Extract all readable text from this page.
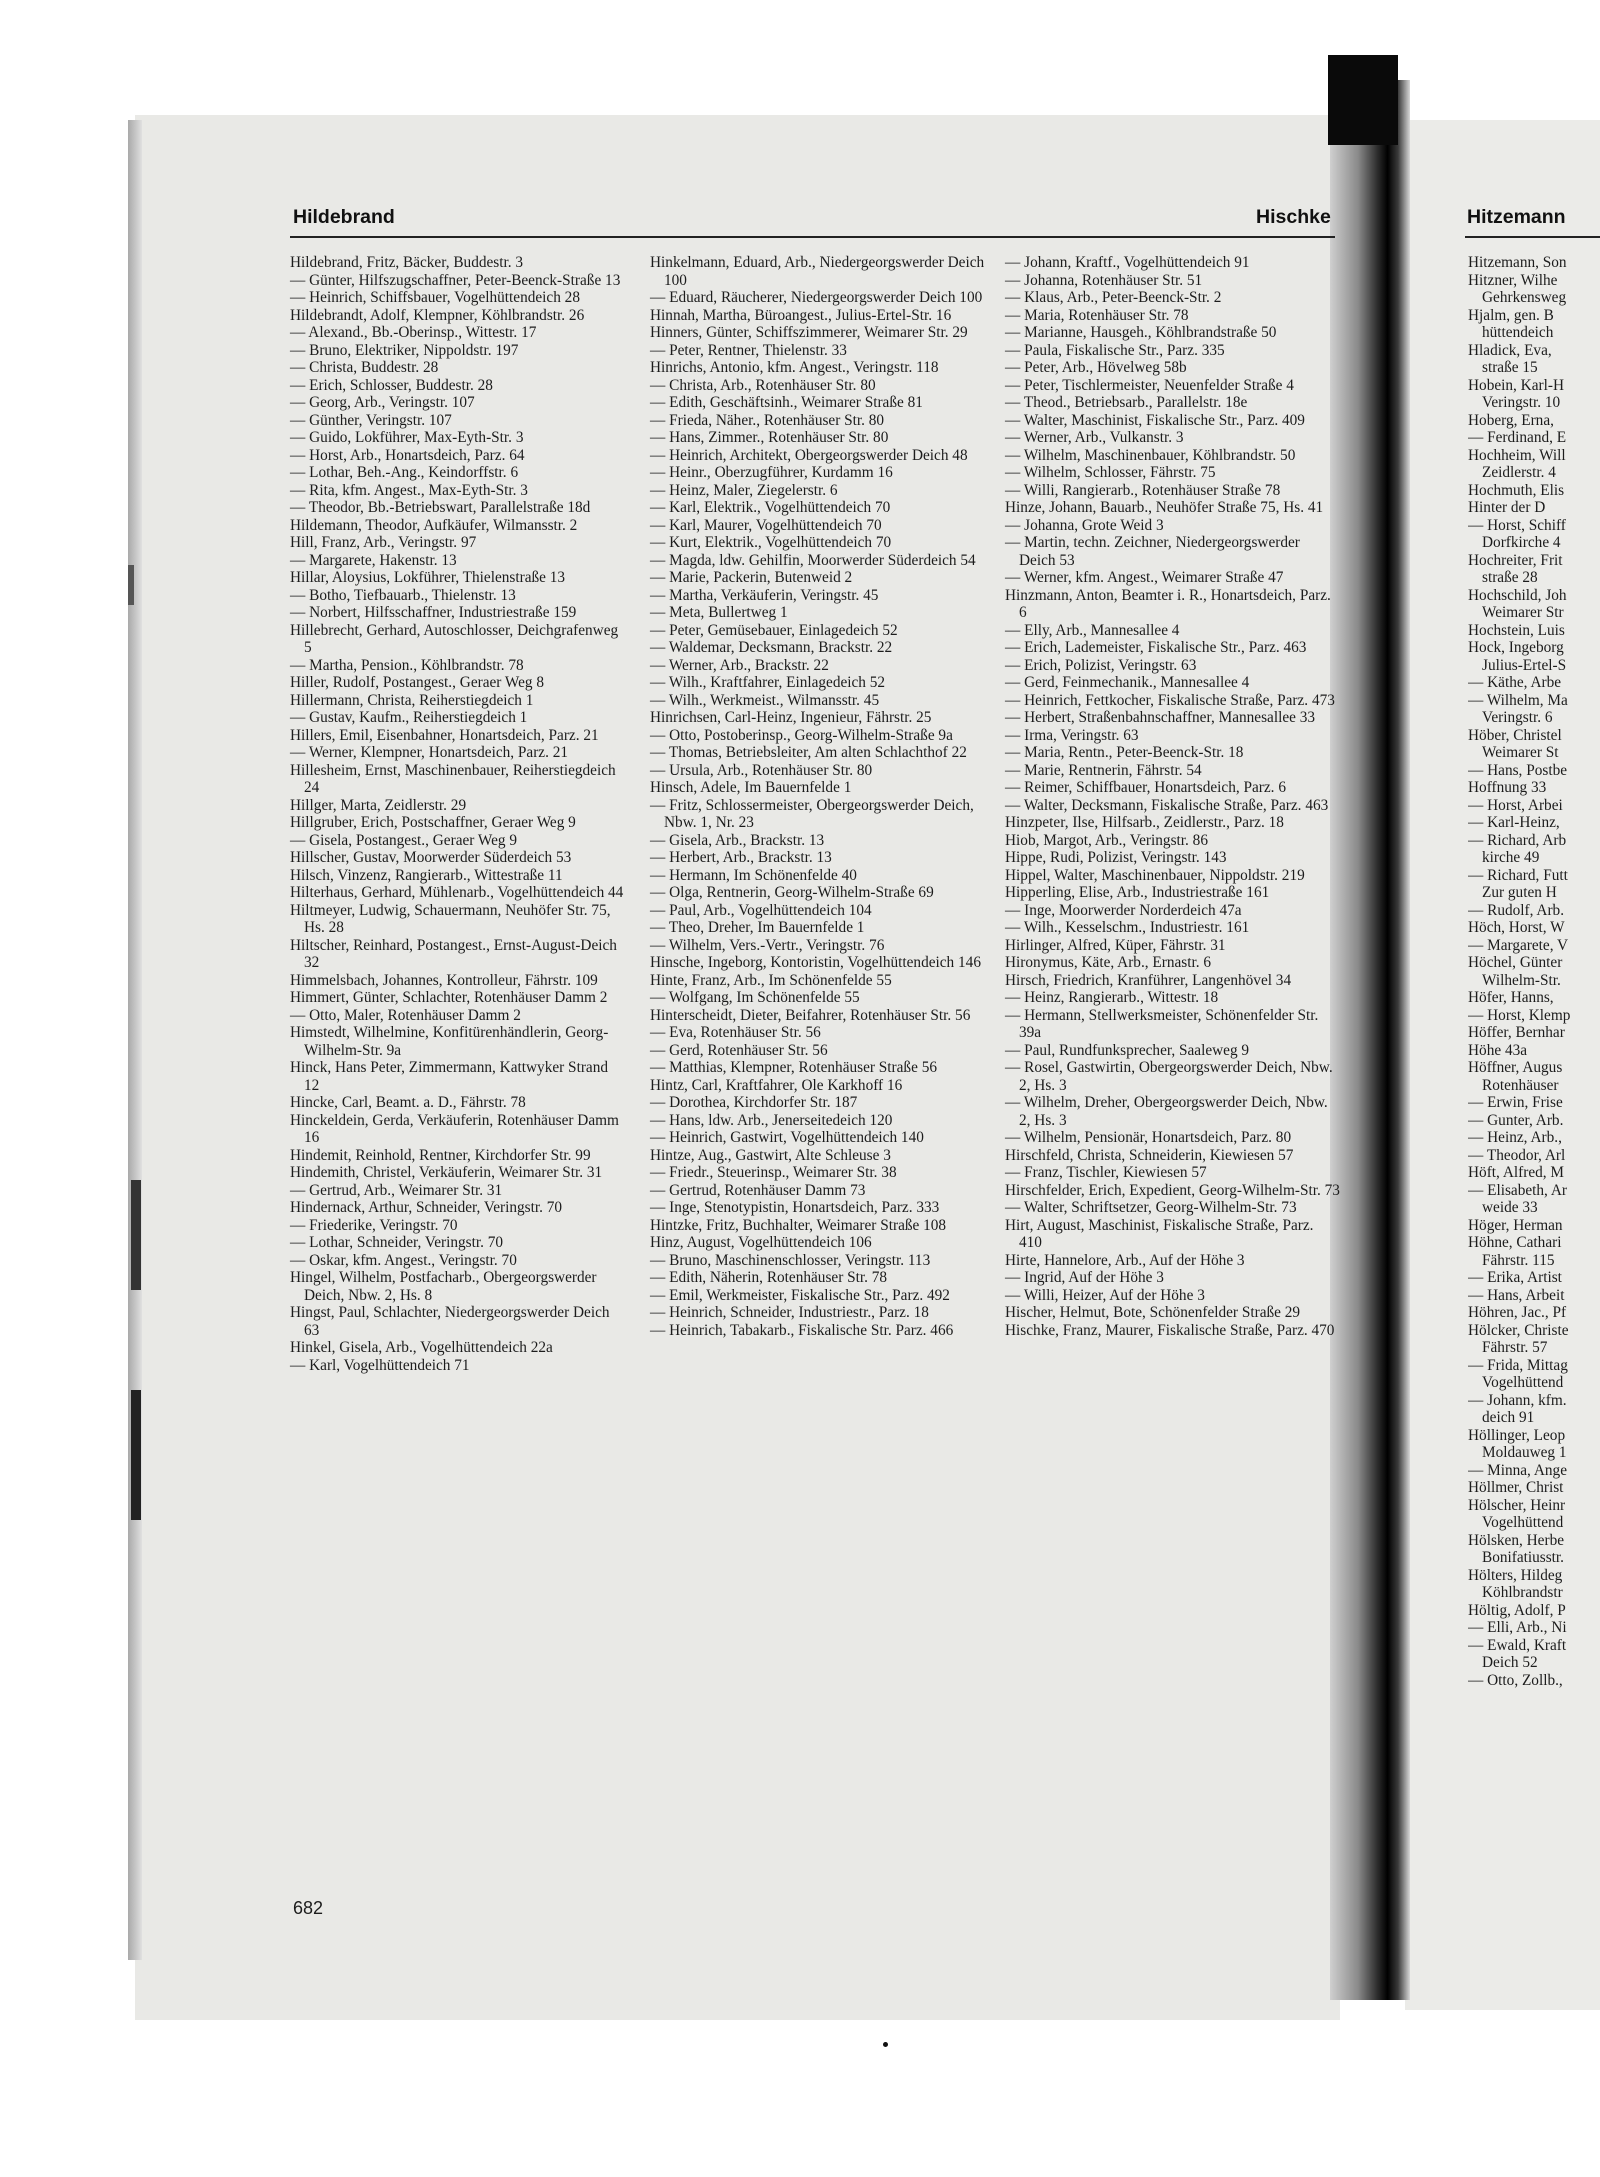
Hildebrand	Hischke	Hitzemann
Hildebrand, Fritz, Bäcker, Buddestr. 3
— Günter, Hilfszugschaffner, Peter-Beenck-Straße 13
— Heinrich, Schiffsbauer, Vogelhüttendeich 28
Hildebrandt, Adolf, Klempner, Köhlbrandstr. 26
— Alexand., Bb.-Oberinsp., Wittestr. 17
— Bruno, Elektriker, Nippoldstr. 197
— Christa, Buddestr. 28
— Erich, Schlosser, Buddestr. 28
— Georg, Arb., Veringstr. 107
— Günther, Veringstr. 107
— Guido, Lokführer, Max-Eyth-Str. 3
— Horst, Arb., Honartsdeich, Parz. 64
— Lothar, Beh.-Ang., Keindorffstr. 6
— Rita, kfm. Angest., Max-Eyth-Str. 3
— Theodor, Bb.-Betriebswart, Parallelstraße 18d
Hildemann, Theodor, Aufkäufer, Wilmansstr. 2
Hill, Franz, Arb., Veringstr. 97
— Margarete, Hakenstr. 13
Hillar, Aloysius, Lokführer, Thielenstraße 13
— Botho, Tiefbauarb., Thielenstr. 13
— Norbert, Hilfsschaffner, Industriestraße 159
Hillebrecht, Gerhard, Autoschlosser, Deichgrafenweg 5
— Martha, Pension., Köhlbrandstr. 78
Hiller, Rudolf, Postangest., Geraer Weg 8
Hillermann, Christa, Reiherstiegdeich 1
— Gustav, Kaufm., Reiherstiegdeich 1
Hillers, Emil, Eisenbahner, Honartsdeich, Parz. 21
— Werner, Klempner, Honartsdeich, Parz. 21
Hillesheim, Ernst, Maschinenbauer, Reiherstiegdeich 24
Hillger, Marta, Zeidlerstr. 29
Hillgruber, Erich, Postschaffner, Geraer Weg 9
— Gisela, Postangest., Geraer Weg 9
Hillscher, Gustav, Moorwerder Süderdeich 53
Hilsch, Vinzenz, Rangierarb., Wittestraße 11
Hilterhaus, Gerhard, Mühlenarb., Vogelhüttendeich 44
Hiltmeyer, Ludwig, Schauermann, Neuhöfer Str. 75, Hs. 28
Hiltscher, Reinhard, Postangest., Ernst-August-Deich 32
Himmelsbach, Johannes, Kontrolleur, Fährstr. 109
Himmert, Günter, Schlachter, Rotenhäuser Damm 2
— Otto, Maler, Rotenhäuser Damm 2
Himstedt, Wilhelmine, Konfitürenhändlerin, Georg-Wilhelm-Str. 9a
Hinck, Hans Peter, Zimmermann, Kattwyker Strand 12
Hincke, Carl, Beamt. a. D., Fährstr. 78
Hinckeldein, Gerda, Verkäuferin, Rotenhäuser Damm 16
Hindemit, Reinhold, Rentner, Kirchdorfer Str. 99
Hindemith, Christel, Verkäuferin, Weimarer Str. 31
— Gertrud, Arb., Weimarer Str. 31
Hindernack, Arthur, Schneider, Veringstr. 70
— Friederike, Veringstr. 70
— Lothar, Schneider, Veringstr. 70
— Oskar, kfm. Angest., Veringstr. 70
Hingel, Wilhelm, Postfacharb., Obergeorgswerder Deich, Nbw. 2, Hs. 8
Hingst, Paul, Schlachter, Niedergeorgswerder Deich 63
Hinkel, Gisela, Arb., Vogelhüttendeich 22a
— Karl, Vogelhüttendeich 71
Hinkelmann, Eduard, Arb., Niedergeorgswerder Deich 100
— Eduard, Räucherer, Niedergeorgswerder Deich 100
Hinnah, Martha, Büroangest., Julius-Ertel-Str. 16
Hinners, Günter, Schiffszimmerer, Weimarer Str. 29
— Peter, Rentner, Thielenstr. 33
Hinrichs, Antonio, kfm. Angest., Veringstr. 118
— Christa, Arb., Rotenhäuser Str. 80
— Edith, Geschäftsinh., Weimarer Straße 81
— Frieda, Näher., Rotenhäuser Str. 80
— Hans, Zimmer., Rotenhäuser Str. 80
— Heinrich, Architekt, Obergeorgswerder Deich 48
— Heinr., Oberzugführer, Kurdamm 16
— Heinz, Maler, Ziegelerstr. 6
— Karl, Elektrik., Vogelhüttendeich 70
— Karl, Maurer, Vogelhüttendeich 70
— Kurt, Elektrik., Vogelhüttendeich 70
— Magda, ldw. Gehilfin, Moorwerder Süderdeich 54
— Marie, Packerin, Butenweid 2
— Martha, Verkäuferin, Veringstr. 45
— Meta, Bullertweg 1
— Peter, Gemüsebauer, Einlagedeich 52
— Waldemar, Decksmann, Brackstr. 22
— Werner, Arb., Brackstr. 22
— Wilh., Kraftfahrer, Einlagedeich 52
— Wilh., Werkmeist., Wilmansstr. 45
Hinrichsen, Carl-Heinz, Ingenieur, Fährstr. 25
— Otto, Postoberinsp., Georg-Wilhelm-Straße 9a
— Thomas, Betriebsleiter, Am alten Schlachthof 22
— Ursula, Arb., Rotenhäuser Str. 80
Hinsch, Adele, Im Bauernfelde 1
— Fritz, Schlossermeister, Obergeorgswerder Deich, Nbw. 1, Nr. 23
— Gisela, Arb., Brackstr. 13
— Herbert, Arb., Brackstr. 13
— Hermann, Im Schönenfelde 40
— Olga, Rentnerin, Georg-Wilhelm-Straße 69
— Paul, Arb., Vogelhüttendeich 104
— Theo, Dreher, Im Bauernfelde 1
— Wilhelm, Vers.-Vertr., Veringstr. 76
Hinsche, Ingeborg, Kontoristin, Vogelhüttendeich 146
Hinte, Franz, Arb., Im Schönenfelde 55
— Wolfgang, Im Schönenfelde 55
Hinterscheidt, Dieter, Beifahrer, Rotenhäuser Str. 56
— Eva, Rotenhäuser Str. 56
— Gerd, Rotenhäuser Str. 56
— Matthias, Klempner, Rotenhäuser Straße 56
Hintz, Carl, Kraftfahrer, Ole Karkhoff 16
— Dorothea, Kirchdorfer Str. 187
— Hans, ldw. Arb., Jenerseitedeich 120
— Heinrich, Gastwirt, Vogelhüttendeich 140
Hintze, Aug., Gastwirt, Alte Schleuse 3
— Friedr., Steuerinsp., Weimarer Str. 38
— Gertrud, Rotenhäuser Damm 73
— Inge, Stenotypistin, Honartsdeich, Parz. 333
Hintzke, Fritz, Buchhalter, Weimarer Straße 108
Hinz, August, Vogelhüttendeich 106
— Bruno, Maschinenschlosser, Veringstr. 113
— Edith, Näherin, Rotenhäuser Str. 78
— Emil, Werkmeister, Fiskalische Str., Parz. 492
— Heinrich, Schneider, Industriestr., Parz. 18
— Heinrich, Tabakarb., Fiskalische Str. Parz. 466
— Johann, Kraftf., Vogelhüttendeich 91
— Johanna, Rotenhäuser Str. 51
— Klaus, Arb., Peter-Beenck-Str. 2
— Maria, Rotenhäuser Str. 78
— Marianne, Hausgeh., Köhlbrandstraße 50
— Paula, Fiskalische Str., Parz. 335
— Peter, Arb., Hövelweg 58b
— Peter, Tischlermeister, Neuenfelder Straße 4
— Theod., Betriebsarb., Parallelstr. 18e
— Walter, Maschinist, Fiskalische Str., Parz. 409
— Werner, Arb., Vulkanstr. 3
— Wilhelm, Maschinenbauer, Köhlbrandstr. 50
— Wilhelm, Schlosser, Fährstr. 75
— Willi, Rangierarb., Rotenhäuser Straße 78
Hinze, Johann, Bauarb., Neuhöfer Straße 75, Hs. 41
— Johanna, Grote Weid 3
— Martin, techn. Zeichner, Niedergeorgswerder Deich 53
— Werner, kfm. Angest., Weimarer Straße 47
Hinzmann, Anton, Beamter i. R., Honartsdeich, Parz. 6
— Elly, Arb., Mannesallee 4
— Erich, Lademeister, Fiskalische Str., Parz. 463
— Erich, Polizist, Veringstr. 63
— Gerd, Feinmechanik., Mannesallee 4
— Heinrich, Fettkocher, Fiskalische Straße, Parz. 473
— Herbert, Straßenbahnschaffner, Mannesallee 33
— Irma, Veringstr. 63
— Maria, Rentn., Peter-Beenck-Str. 18
— Marie, Rentnerin, Fährstr. 54
— Reimer, Schiffbauer, Honartsdeich, Parz. 6
— Walter, Decksmann, Fiskalische Straße, Parz. 463
Hinzpeter, Ilse, Hilfsarb., Zeidlerstr., Parz. 18
Hiob, Margot, Arb., Veringstr. 86
Hippe, Rudi, Polizist, Veringstr. 143
Hippel, Walter, Maschinenbauer, Nippoldstr. 219
Hipperling, Elise, Arb., Industriestraße 161
— Inge, Moorwerder Norderdeich 47a
— Wilh., Kesselschm., Industriestr. 161
Hirlinger, Alfred, Küper, Fährstr. 31
Hironymus, Käte, Arb., Ernastr. 6
Hirsch, Friedrich, Kranführer, Langenhövel 34
— Heinz, Rangierarb., Wittestr. 18
— Hermann, Stellwerksmeister, Schönenfelder Str. 39a
— Paul, Rundfunksprecher, Saaleweg 9
— Rosel, Gastwirtin, Obergeorgswerder Deich, Nbw. 2, Hs. 3
— Wilhelm, Dreher, Obergeorgswerder Deich, Nbw. 2, Hs. 3
— Wilhelm, Pensionär, Honartsdeich, Parz. 80
Hirschfeld, Christa, Schneiderin, Kiewiesen 57
— Franz, Tischler, Kiewiesen 57
Hirschfelder, Erich, Expedient, Georg-Wilhelm-Str. 73
— Walter, Schriftsetzer, Georg-Wilhelm-Str. 73
Hirt, August, Maschinist, Fiskalische Straße, Parz. 410
Hirte, Hannelore, Arb., Auf der Höhe 3
— Ingrid, Auf der Höhe 3
— Willi, Heizer, Auf der Höhe 3
Hischer, Helmut, Bote, Schönenfelder Straße 29
Hischke, Franz, Maurer, Fiskalische Straße, Parz. 470
Hitzemann, Son
Hitzner, Wilhe
Gehrkensweg
Hjalm, gen. B
hüttendeich
Hladick, Eva,
straße 15
Hobein, Karl-H
Veringstr. 10
Hoberg, Erna,
— Ferdinand, E
Hochheim, Will
Zeidlerstr. 4
Hochmuth, Elis
Hinter der D
— Horst, Schiff
Dorfkirche 4
Hochreiter, Frit
straße 28
Hochschild, Joh
Weimarer Str
Hochstein, Luis
Hock, Ingeborg
Julius-Ertel-S
— Käthe, Arbe
— Wilhelm, Ma
Veringstr. 6
Höber, Christel
Weimarer St
— Hans, Postbe
Hoffnung 33
— Horst, Arbei
— Karl-Heinz,
— Richard, Arb
kirche 49
— Richard, Futt
Zur guten H
— Rudolf, Arb.
Höch, Horst, W
— Margarete, V
Höchel, Günter
Wilhelm-Str.
Höfer, Hanns,
— Horst, Klemp
Höffer, Bernhar
Höhe 43a
Höffner, Augus
Rotenhäuser
— Erwin, Frise
— Gunter, Arb.
— Heinz, Arb.,
— Theodor, Arl
Höft, Alfred, M
— Elisabeth, Ar
weide 33
Höger, Herman
Höhne, Cathari
Fährstr. 115
— Erika, Artist
— Hans, Arbeit
Höhren, Jac., Pf
Hölcker, Christe
Fährstr. 57
— Frida, Mittag
Vogelhüttend
— Johann, kfm.
deich 91
Höllinger, Leop
Moldauweg 1
— Minna, Ange
Höllmer, Christ
Hölscher, Heinr
Vogelhüttend
Hölsken, Herbe
Bonifatiusstr.
Hölters, Hildeg
Köhlbrandstr
Höltig, Adolf, P
— Elli, Arb., Ni
— Ewald, Kraft
Deich 52
— Otto, Zollb.,
682
